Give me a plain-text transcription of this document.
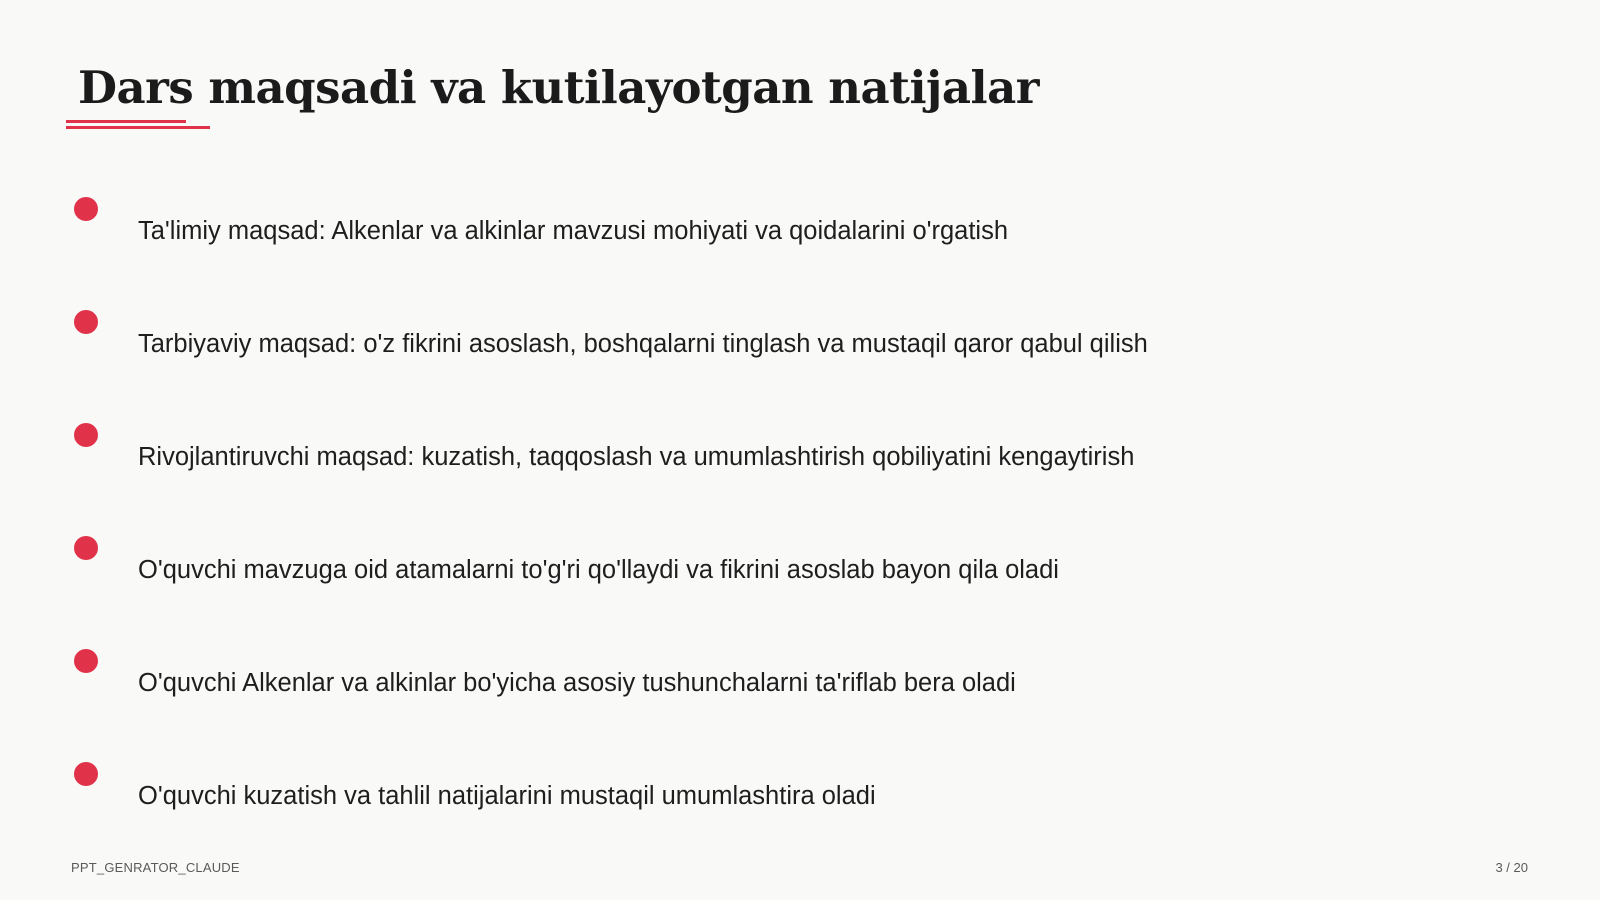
Dars maqsadi va kutilayotgan natijalar
Ta'limiy maqsad: Alkenlar va alkinlar mavzusi mohiyati va qoidalarini o'rgatish
Tarbiyaviy maqsad: o'z fikrini asoslash, boshqalarni tinglash va mustaqil qaror qabul qilish
Rivojlantiruvchi maqsad: kuzatish, taqqoslash va umumlashtirish qobiliyatini kengaytirish
O'quvchi mavzuga oid atamalarni to'g'ri qo'llaydi va fikrini asoslab bayon qila oladi
O'quvchi Alkenlar va alkinlar bo'yicha asosiy tushunchalarni ta'riflab bera oladi
O'quvchi kuzatish va tahlil natijalarini mustaqil umumlashtira oladi
PPT_GENRATOR_CLAUDE	3 / 20
